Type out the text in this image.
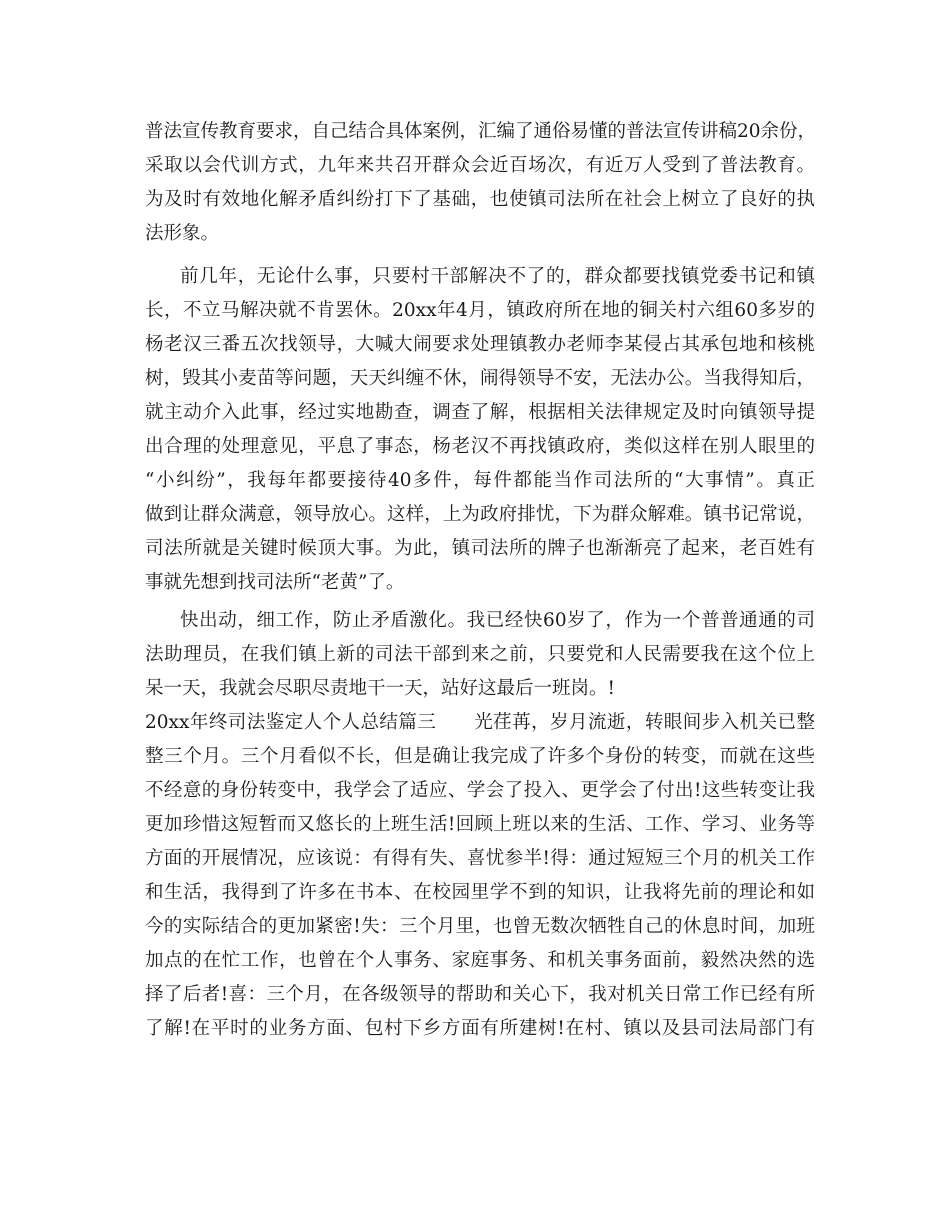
普法宣传教育要求，自己结合具体案例，汇编了通俗易懂的普法宣传讲稿20余份，
采取以会代训方式，九年来共召开群众会近百场次，有近万人受到了普法教育。
为及时有效地化解矛盾纠纷打下了基础，也使镇司法所在社会上树立了良好的执
法形象。
前几年，无论什么事，只要村干部解决不了的，群众都要找镇党委书记和镇
长，不立马解决就不肯罢休。20xx年4月，镇政府所在地的铜关村六组60多岁的
杨老汉三番五次找领导，大喊大闹要求处理镇教办老师李某侵占其承包地和核桃
树，毁其小麦苗等问题，天天纠缠不休，闹得领导不安，无法办公。当我得知后，
就主动介入此事，经过实地勘查，调查了解，根据相关法律规定及时向镇领导提
出合理的处理意见，平息了事态，杨老汉不再找镇政府，类似这样在别人眼里的
“小纠纷”，我每年都要接待40多件，每件都能当作司法所的“大事情”。真正
做到让群众满意，领导放心。这样，上为政府排忧，下为群众解难。镇书记常说，
司法所就是关键时候顶大事。为此，镇司法所的牌子也渐渐亮了起来，老百姓有
事就先想到找司法所“老黄”了。
快出动，细工作，防止矛盾激化。我已经快60岁了，作为一个普普通通的司
法助理员，在我们镇上新的司法干部到来之前，只要党和人民需要我在这个位上
呆一天，我就会尽职尽责地干一天，站好这最后一班岗。!
20xx年终司法鉴定人个人总结篇三　　光荏苒，岁月流逝，转眼间步入机关已整
整三个月。三个月看似不长，但是确让我完成了许多个身份的转变，而就在这些
不经意的身份转变中，我学会了适应、学会了投入、更学会了付出!这些转变让我
更加珍惜这短暂而又悠长的上班生活!回顾上班以来的生活、工作、学习、业务等
方面的开展情况，应该说：有得有失、喜忧参半!得：通过短短三个月的机关工作
和生活，我得到了许多在书本、在校园里学不到的知识，让我将先前的理论和如
今的实际结合的更加紧密!失：三个月里，也曾无数次牺牲自己的休息时间，加班
加点的在忙工作，也曾在个人事务、家庭事务、和机关事务面前，毅然决然的选
择了后者!喜：三个月，在各级领导的帮助和关心下，我对机关日常工作已经有所
了解!在平时的业务方面、包村下乡方面有所建树!在村、镇以及县司法局部门有
